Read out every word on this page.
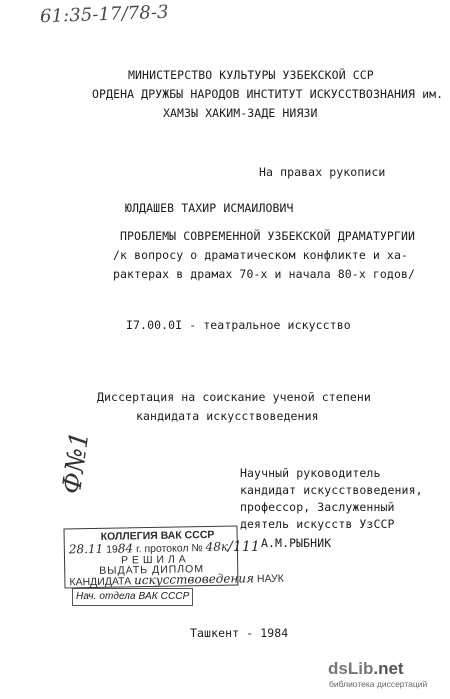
61:35-17/78-3
МИНИСТЕРСТВО КУЛЬТУРЫ УЗБЕКСКОЙ ССР
ОРДЕНА ДРУЖБЫ НАРОДОВ ИНСТИТУТ ИСКУССТВОЗНАНИЯ им.
ХАМЗЫ ХАКИМ-ЗАДЕ НИЯЗИ
На правах рукописи
ЮЛДАШЕВ ТАХИР ИСМАИЛОВИЧ
ПРОБЛЕМЫ СОВРЕМЕННОЙ УЗБЕКСКОЙ ДРАМАТУРГИИ
/к вопросу о драматическом конфликте и ха-
рактерах в драмах 70-х и начала 80-х годов/
I7.00.0I - театральное искусство
Диссертация на соискание ученой степени
кандидата искусствоведения
Научный руководитель
кандидат искусствоведения,
профессор, Заслуженный
деятель искусств УзССР
А.М.РЫБНИК
Ф№1
КОЛЛЕГИЯ ВАК СССР
28.11 1984 г. протокол № 48к
Р Е Ш И Л А
ВЫДАТЬ ДИПЛОМ
КАНДИДАТА искусствоведения НАУК
/111
Нач. отдела ВАК СССР
Ташкент - 1984
dsLib.net
библиотека диссертаций
